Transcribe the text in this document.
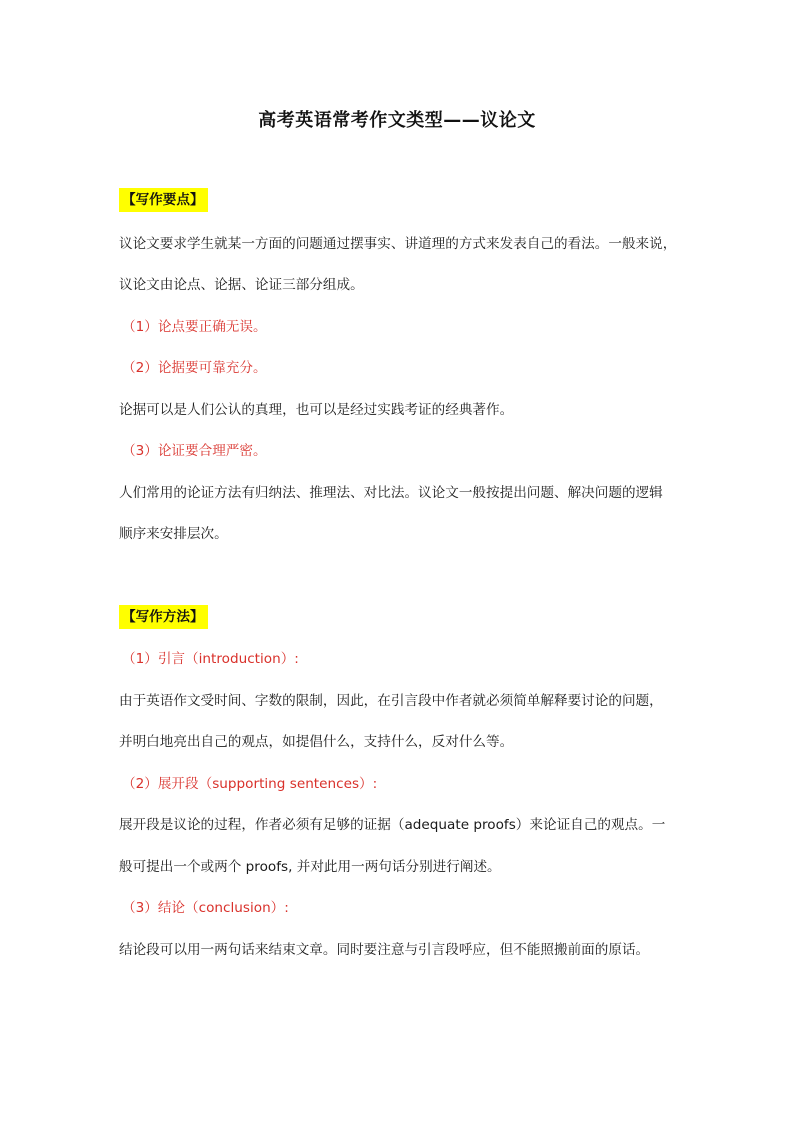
高考英语常考作文类型——议论文
【写作要点】
议论文要求学生就某一方面的问题通过摆事实、讲道理的方式来发表自己的看法。一般来说，
议论文由论点、论据、论证三部分组成。
（1）论点要正确无误。
（2）论据要可靠充分。
论据可以是人们公认的真理，也可以是经过实践考证的经典著作。
（3）论证要合理严密。
人们常用的论证方法有归纳法、推理法、对比法。议论文一般按提出问题、解决问题的逻辑
顺序来安排层次。
【写作方法】
（1）引言（introduction）:
由于英语作文受时间、字数的限制，因此，在引言段中作者就必须简单解释要讨论的问题，
并明白地亮出自己的观点，如提倡什么，支持什么，反对什么等。
（2）展开段（supporting sentences）:
展开段是议论的过程，作者必须有足够的证据（adequate proofs）来论证自己的观点。一
般可提出一个或两个 proofs, 并对此用一两句话分别进行阐述。
（3）结论（conclusion）:
结论段可以用一两句话来结束文章。同时要注意与引言段呼应，但不能照搬前面的原话。
